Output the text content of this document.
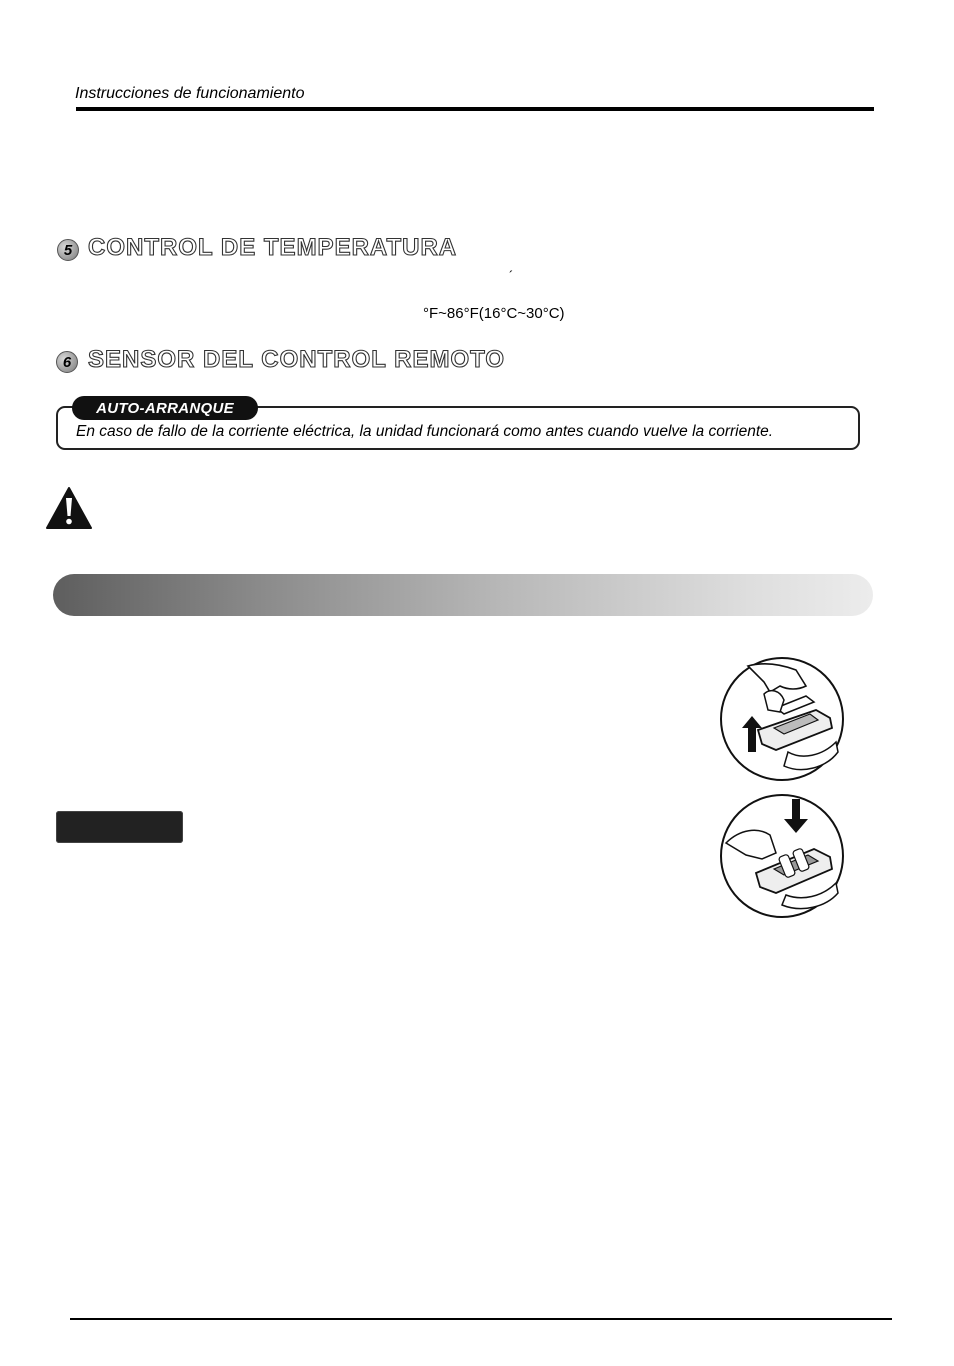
Instrucciones de funcionamiento
5 CONTROL DE TEMPERATURA
´
°F~86°F(16°C~30°C)
6 SENSOR DEL CONTROL REMOTO
AUTO-ARRANQUE
En caso de fallo de la corriente eléctrica, la unidad funcionará como antes cuando vuelve la corriente.
